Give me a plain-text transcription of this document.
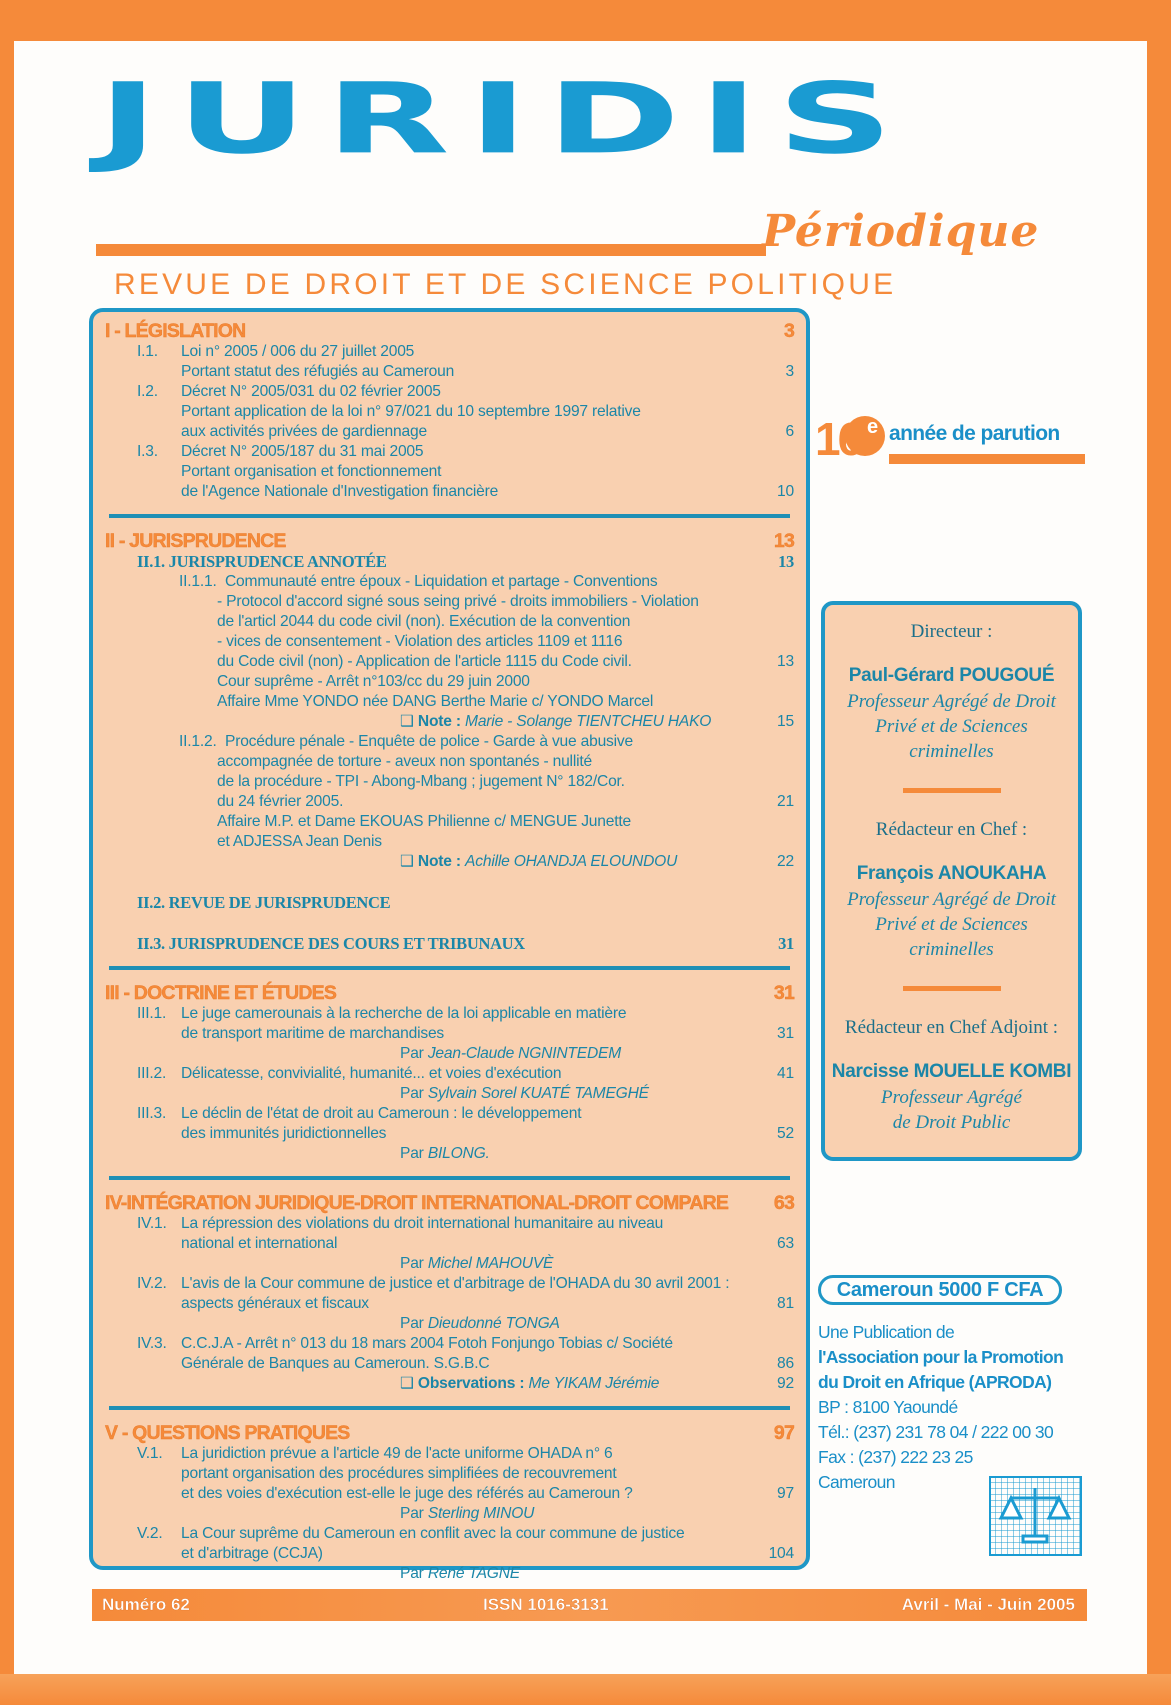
JURIDIS
Périodique
REVUE DE DROIT ET DE SCIENCE POLITIQUE
I - LÉGISLATION	3
I.1. Loi n° 2005 / 006 du 27 juillet 2005
Portant statut des réfugiés au Cameroun	3
I.2. Décret N° 2005/031 du 02 février 2005
Portant application de la loi n° 97/021 du 10 septembre 1997 relative
aux activités privées de gardiennage	6
I.3. Décret N° 2005/187 du 31 mai 2005
Portant organisation et fonctionnement
de l'Agence Nationale d'Investigation financière	10
II - JURISPRUDENCE	13
II.1. JURISPRUDENCE ANNOTÉE	13
II.1.1. Communauté entre époux - Liquidation et partage - Conventions
- Protocol d'accord signé sous seing privé - droits immobiliers - Violation
de l'articl 2044 du code civil (non). Exécution de la convention
- vices de consentement - Violation des articles 1109 et 1116
du Code civil (non) - Application de l'article 1115 du Code civil.	13
Cour suprême - Arrêt n°103/cc du 29 juin 2000
Affaire Mme YONDO née DANG Berthe Marie c/ YONDO Marcel
❑ Note : Marie - Solange TIENTCHEU HAKO	15
II.1.2. Procédure pénale - Enquête de police - Garde à vue abusive
accompagnée de torture - aveux non spontanés - nullité
de la procédure - TPI - Abong-Mbang ; jugement N° 182/Cor.
du 24 février 2005.	21
Affaire M.P. et Dame EKOUAS Philienne c/ MENGUE Junette
et ADJESSA Jean Denis
❑ Note : Achille OHANDJA ELOUNDOU	22
II.2. REVUE DE JURISPRUDENCE
II.3. JURISPRUDENCE DES COURS ET TRIBUNAUX	31
III - DOCTRINE ET ÉTUDES	31
III.1. Le juge camerounais à la recherche de la loi applicable en matière
de transport maritime de marchandises	31
Par Jean-Claude NGNINTEDEM
III.2. Délicatesse, convivialité, humanité... et voies d'exécution	41
Par Sylvain Sorel KUATÉ TAMEGHÉ
III.3. Le déclin de l'état de droit au Cameroun : le développement
des immunités juridictionnelles	52
Par BILONG.
IV-INTÉGRATION JURIDIQUE-DROIT INTERNATIONAL-DROIT COMPARE 63
IV.1. La répression des violations du droit international humanitaire au niveau
national et international	63
Par Michel MAHOUVÈ
IV.2. L'avis de la Cour commune de justice et d'arbitrage de l'OHADA du 30 avril 2001 :
aspects généraux et fiscaux	81
Par Dieudonné TONGA
IV.3. C.C.J.A - Arrêt n° 013 du 18 mars 2004 Fotoh Fonjungo Tobias c/ Société
Générale de Banques au Cameroun. S.G.B.C	86
❑ Observations : Me YIKAM Jérémie	92
V - QUESTIONS PRATIQUES	97
V.1. La juridiction prévue a l'article 49 de l'acte uniforme OHADA n° 6
portant organisation des procédures simplifiées de recouvrement
et des voies d'exécution est-elle le juge des référés au Cameroun ?	97
Par Sterling MINOU
V.2. La Cour suprême du Cameroun en conflit avec la cour commune de justice
et d'arbitrage (CCJA)	104
Par René TAGNE
16 e année de parution
Directeur :
Paul-Gérard POUGOUÉ
Professeur Agrégé de Droit
Privé et de Sciences
criminelles
Rédacteur en Chef :
François ANOUKAHA
Professeur Agrégé de Droit
Privé et de Sciences
criminelles
Rédacteur en Chef Adjoint :
Narcisse MOUELLE KOMBI
Professeur Agrégé
de Droit Public
Cameroun 5000 F CFA
Une Publication de
l'Association pour la Promotion
du Droit en Afrique (APRODA)
BP : 8100 Yaoundé
Tél.: (237) 231 78 04 / 222 00 30
Fax : (237) 222 23 25
Cameroun
Numéro 62	ISSN 1016-3131	Avril - Mai - Juin 2005
